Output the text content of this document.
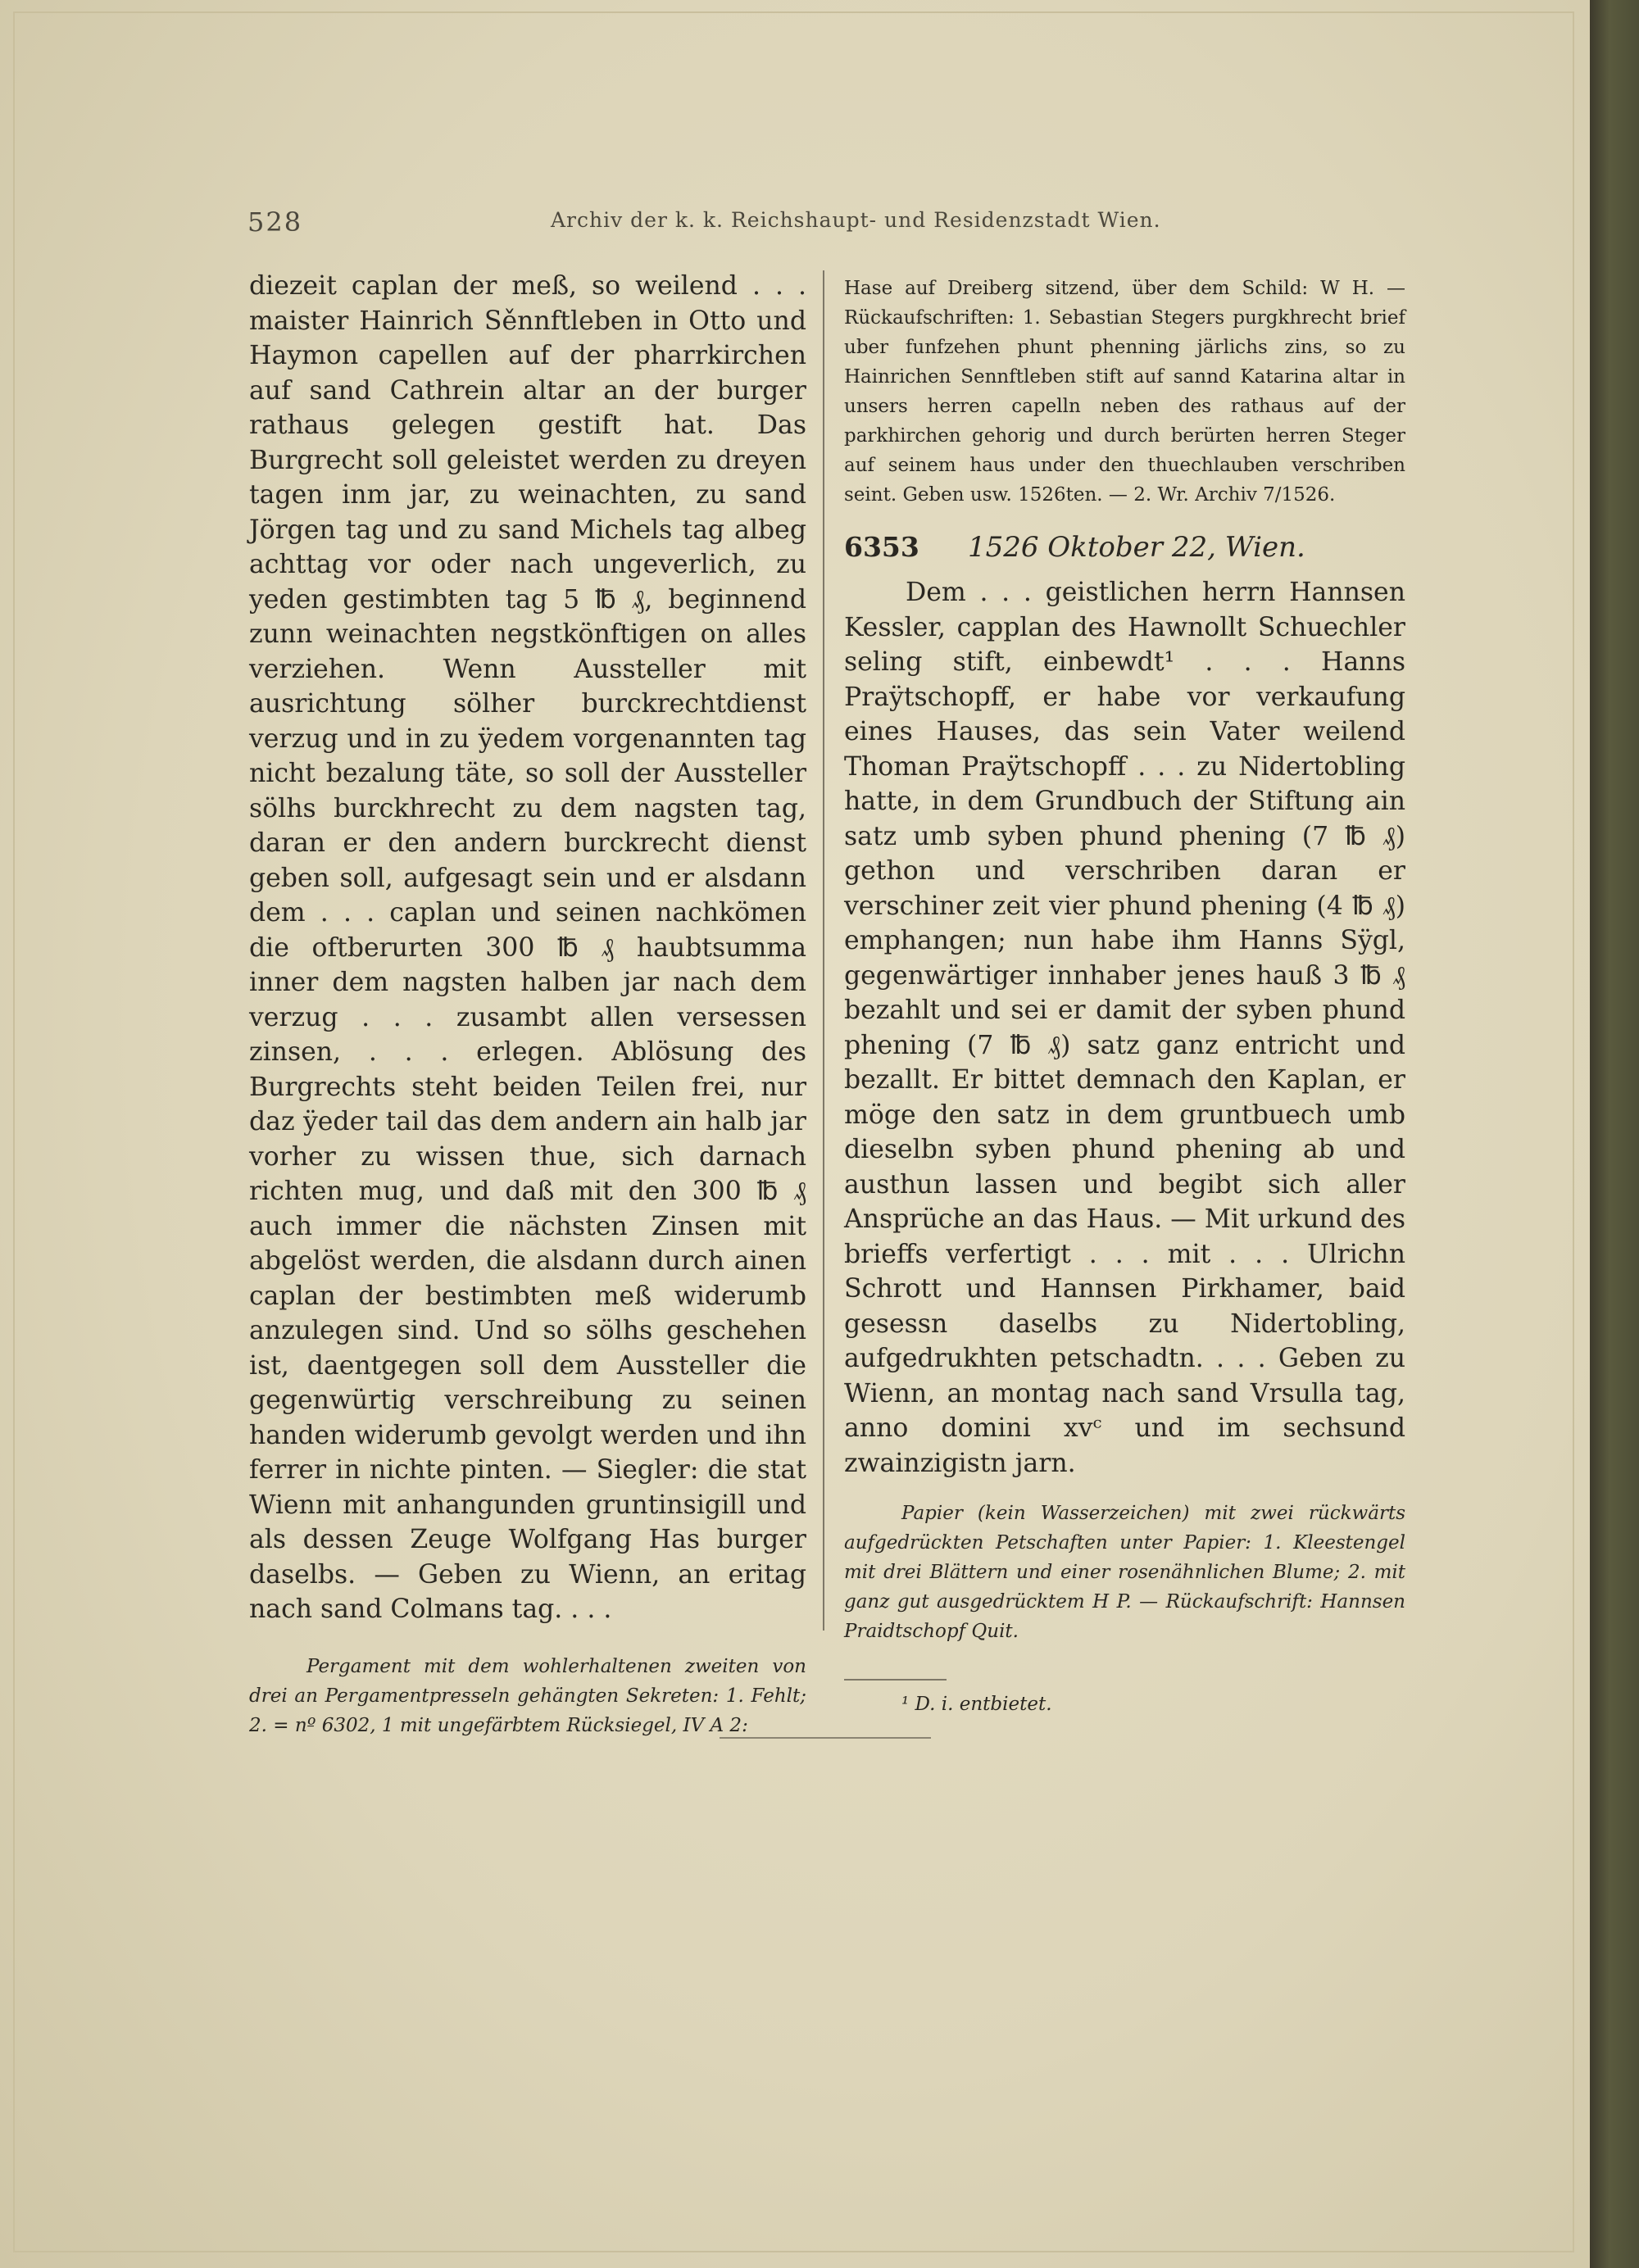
528	Archiv der k. k. Reichshaupt- und Residenzstadt Wien.

diezeit caplan der meß, so weilend . . . maister Hainrich Sěnnftleben in Otto und Haymon capellen auf der pharrkirchen auf sand Cathrein altar an der burger rathaus gelegen gestift hat. Das Burgrecht soll geleistet werden zu dreyen tagen inm jar, zu weinachten, zu sand Jörgen tag und zu sand Michels tag albeg achttag vor oder nach ungeverlich, zu yeden gestimbten tag 5 ℔ ₰, beginnend zunn weinachten negstkönftigen on alles verziehen. Wenn Aussteller mit ausrichtung sölher burckrechtdienst verzug und in zu ÿedem vorgenannten tag nicht bezalung täte, so soll der Aussteller sölhs burckhrecht zu dem nagsten tag, daran er den andern burckrecht dienst geben soll, aufgesagt sein und er alsdann dem . . . caplan und seinen nachkömen die oftberurten 300 ℔ ₰ haubtsumma inner dem nagsten halben jar nach dem verzug . . . zusambt allen versessen zinsen, . . . erlegen. Ablösung des Burgrechts steht beiden Teilen frei, nur daz ÿeder tail das dem andern ain halb jar vorher zu wissen thue, sich darnach richten mug, und daß mit den 300 ℔ ₰ auch immer die nächsten Zinsen mit abgelöst werden, die alsdann durch ainen caplan der bestimbten meß widerumb anzulegen sind. Und so sölhs geschehen ist, daentgegen soll dem Aussteller die gegenwürtig verschreibung zu seinen handen widerumb gevolgt werden und ihn ferrer in nichte pinten. — Siegler: die stat Wienn mit anhangunden gruntinsigill und als dessen Zeuge Wolfgang Has burger daselbs. — Geben zu Wienn, an eritag nach sand Colmans tag. . . .

Pergament mit dem wohlerhaltenen zweiten von drei an Pergamentpresseln gehängten Sekreten: 1. Fehlt; 2. = nº 6302, 1 mit ungefärbtem Rücksiegel, IV A 2:

Hase auf Dreiberg sitzend, über dem Schild: W H. — Rückaufschriften: 1. Sebastian Stegers purgkhrecht brief uber funfzehen phunt phenning järlichs zins, so zu Hainrichen Sennftleben stift auf sannd Katarina altar in unsers herren capelln neben des rathaus auf der parkhirchen gehorig und durch berürten herren Steger auf seinem haus under den thuechlauben verschriben seint. Geben usw. 1526ten. — 2. Wr. Archiv 7/1526.

6353 1526 Oktober 22, Wien.

Dem . . . geistlichen herrn Hannsen Kessler, capplan des Hawnollt Schuechler seling stift, einbewdt¹ . . . Hanns Praÿtschopff, er habe vor verkaufung eines Hauses, das sein Vater weilend Thoman Praÿtschopff . . . zu Nidertobling hatte, in dem Grundbuch der Stiftung ain satz umb syben phund phening (7 ℔ ₰) gethon und verschriben daran er verschiner zeit vier phund phening (4 ℔ ₰) emphangen; nun habe ihm Hanns Sÿgl, gegenwärtiger innhaber jenes hauß 3 ℔ ₰ bezahlt und sei er damit der syben phund phening (7 ℔ ₰) satz ganz entricht und bezallt. Er bittet demnach den Kaplan, er möge den satz in dem gruntbuech umb dieselbn syben phund phening ab und austhun lassen und begibt sich aller Ansprüche an das Haus. — Mit urkund des brieffs verfertigt . . . mit . . . Ulrichn Schrott und Hannsen Pirkhamer, baid gesessn daselbs zu Nidertobling, aufgedrukhten petschadtn. . . . Geben zu Wienn, an montag nach sand Vrsulla tag, anno domini xvᶜ und im sechsund zwainzigistn jarn.

Papier (kein Wasserzeichen) mit zwei rückwärts aufgedrückten Petschaften unter Papier: 1. Kleestengel mit drei Blättern und einer rosenähnlichen Blume; 2. mit ganz gut ausgedrücktem H P. — Rückaufschrift: Hannsen Praidtschopf Quit.

¹ D. i. entbietet.
